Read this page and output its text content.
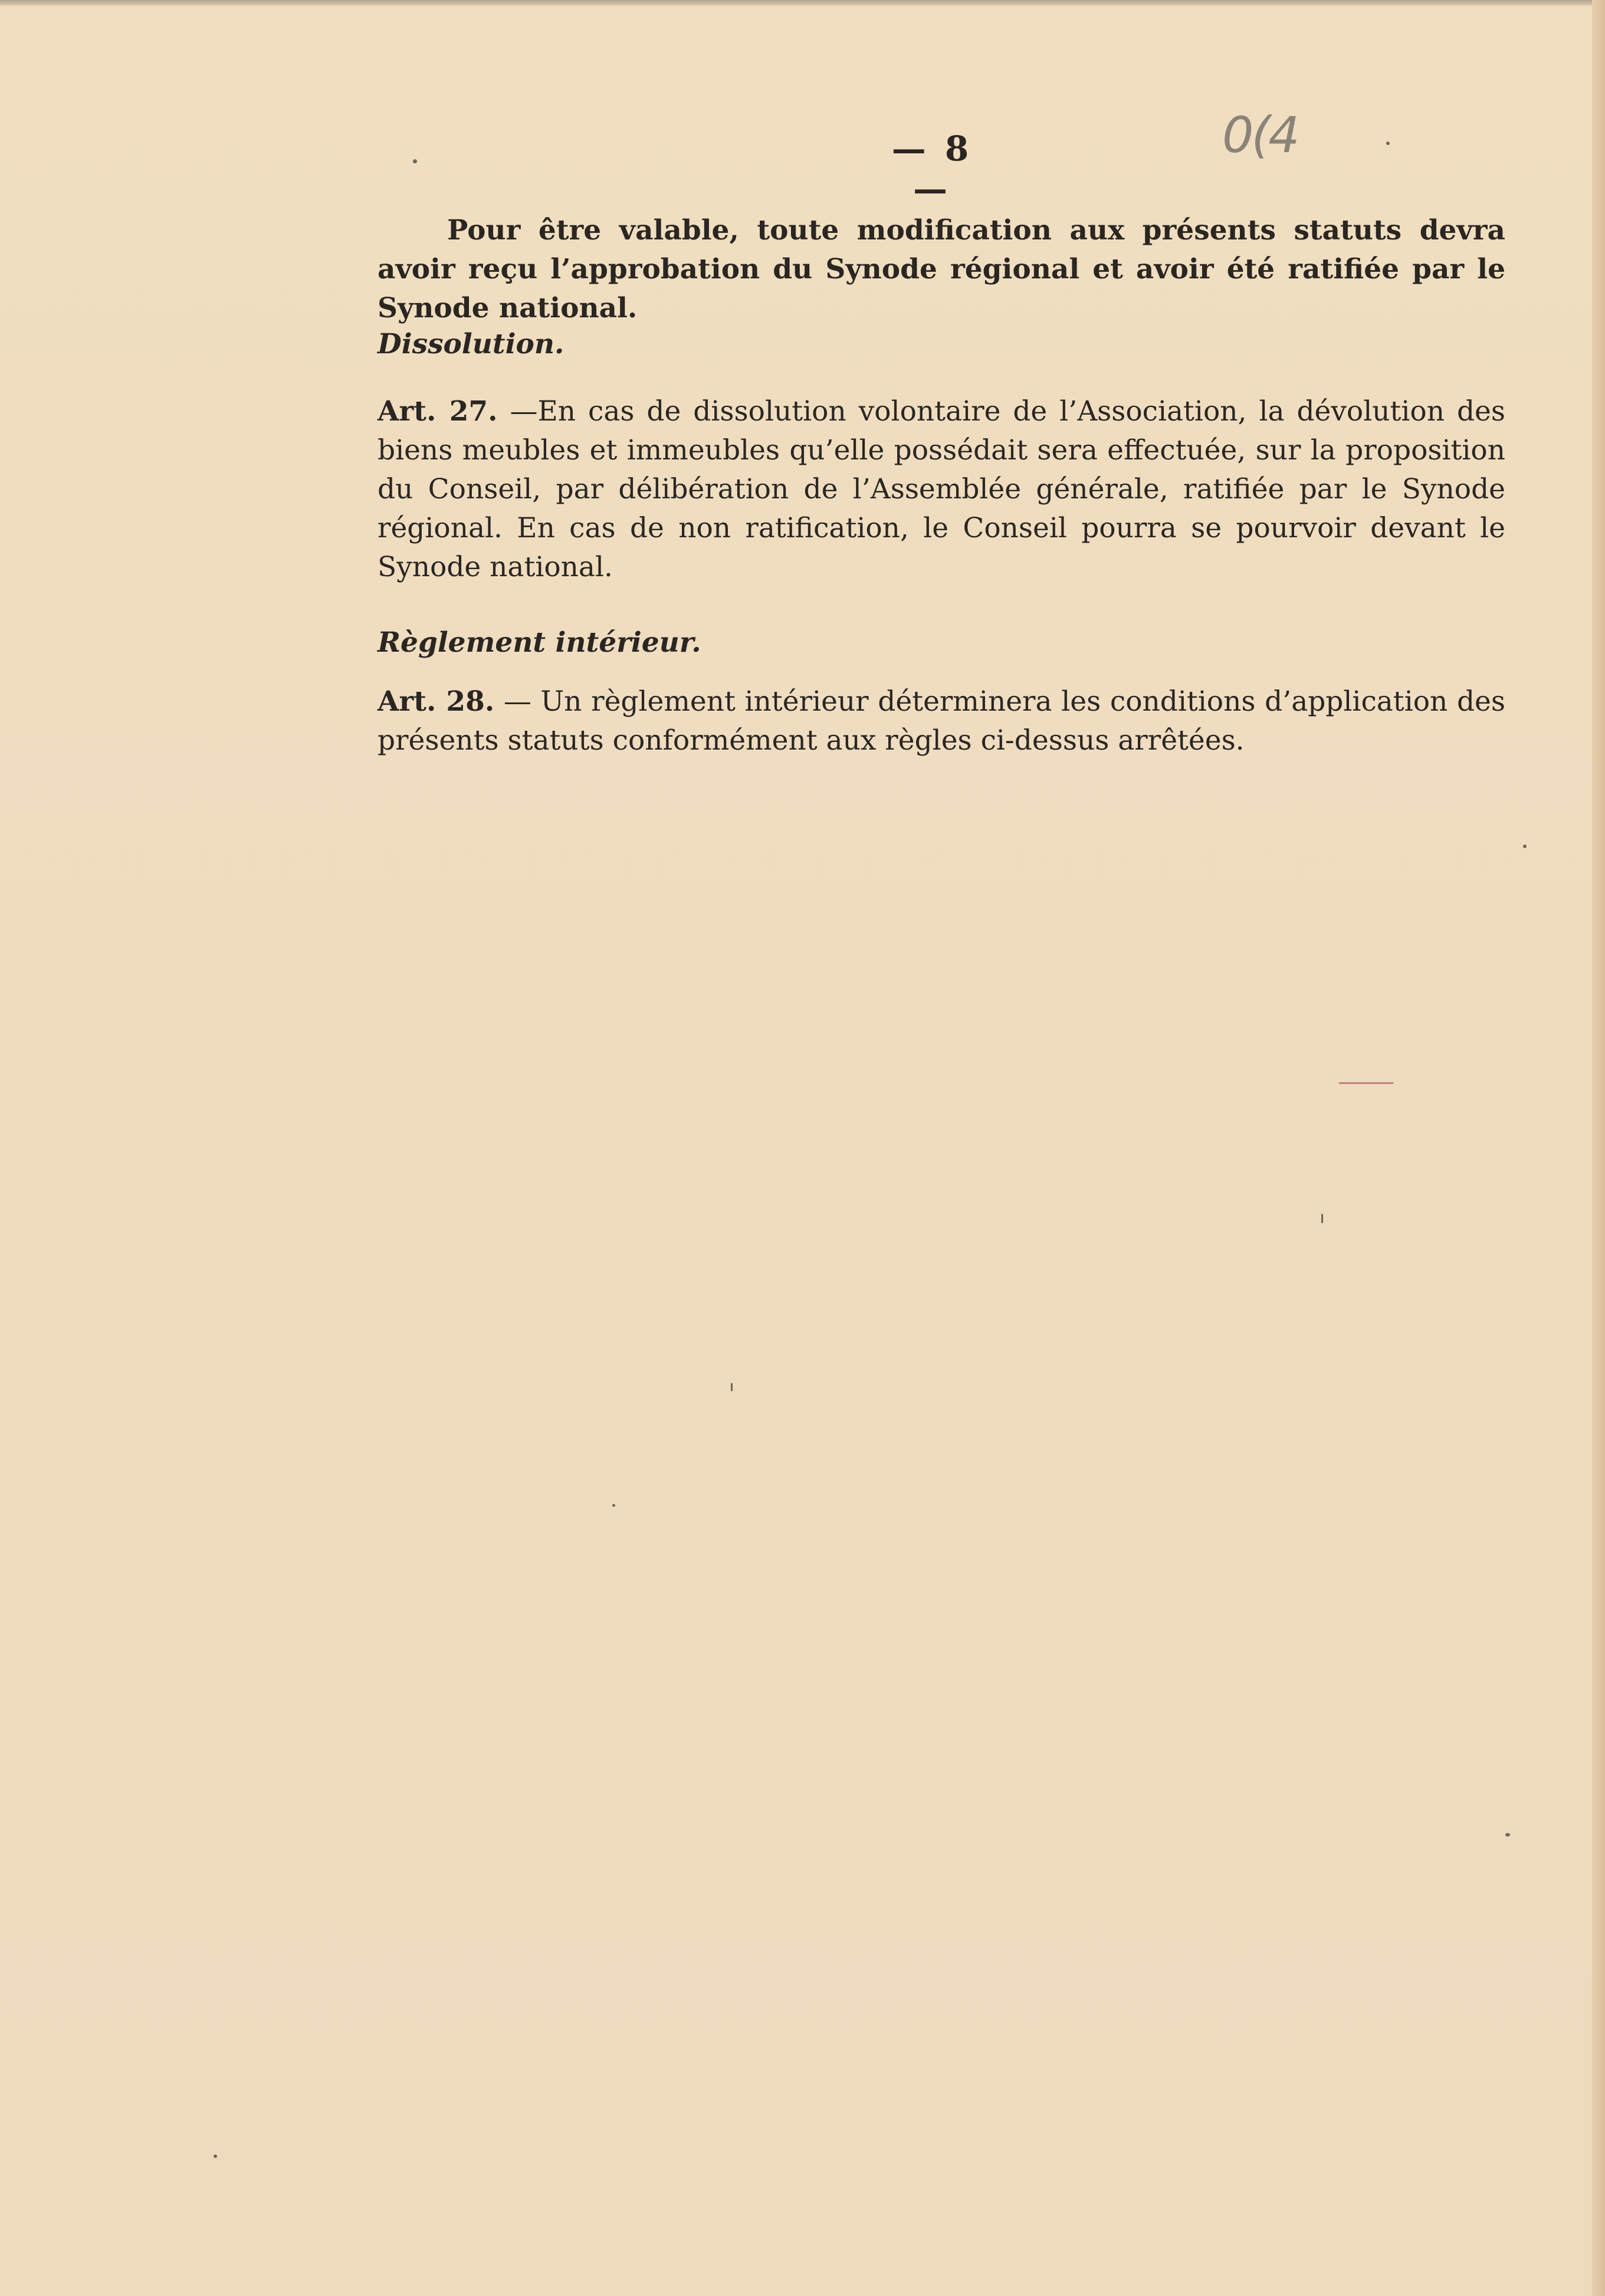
— 8 —
0(4

Pour être valable, toute modification aux présents statuts devra avoir reçu l’approbation du Synode régional et avoir été ratifiée par le Synode national.

Dissolution.

Art. 27. —En cas de dissolution volontaire de l’Association, la dévolution des biens meubles et immeubles qu’elle possédait sera effectuée, sur la proposition du Conseil, par délibération de l’Assemblée générale, ratifiée par le Synode régional. En cas de non ratification, le Conseil pourra se pourvoir devant le Synode national.

Règlement intérieur.

Art. 28. — Un règlement intérieur déterminera les conditions d’application des présents statuts conformément aux règles ci-dessus arrêtées.
